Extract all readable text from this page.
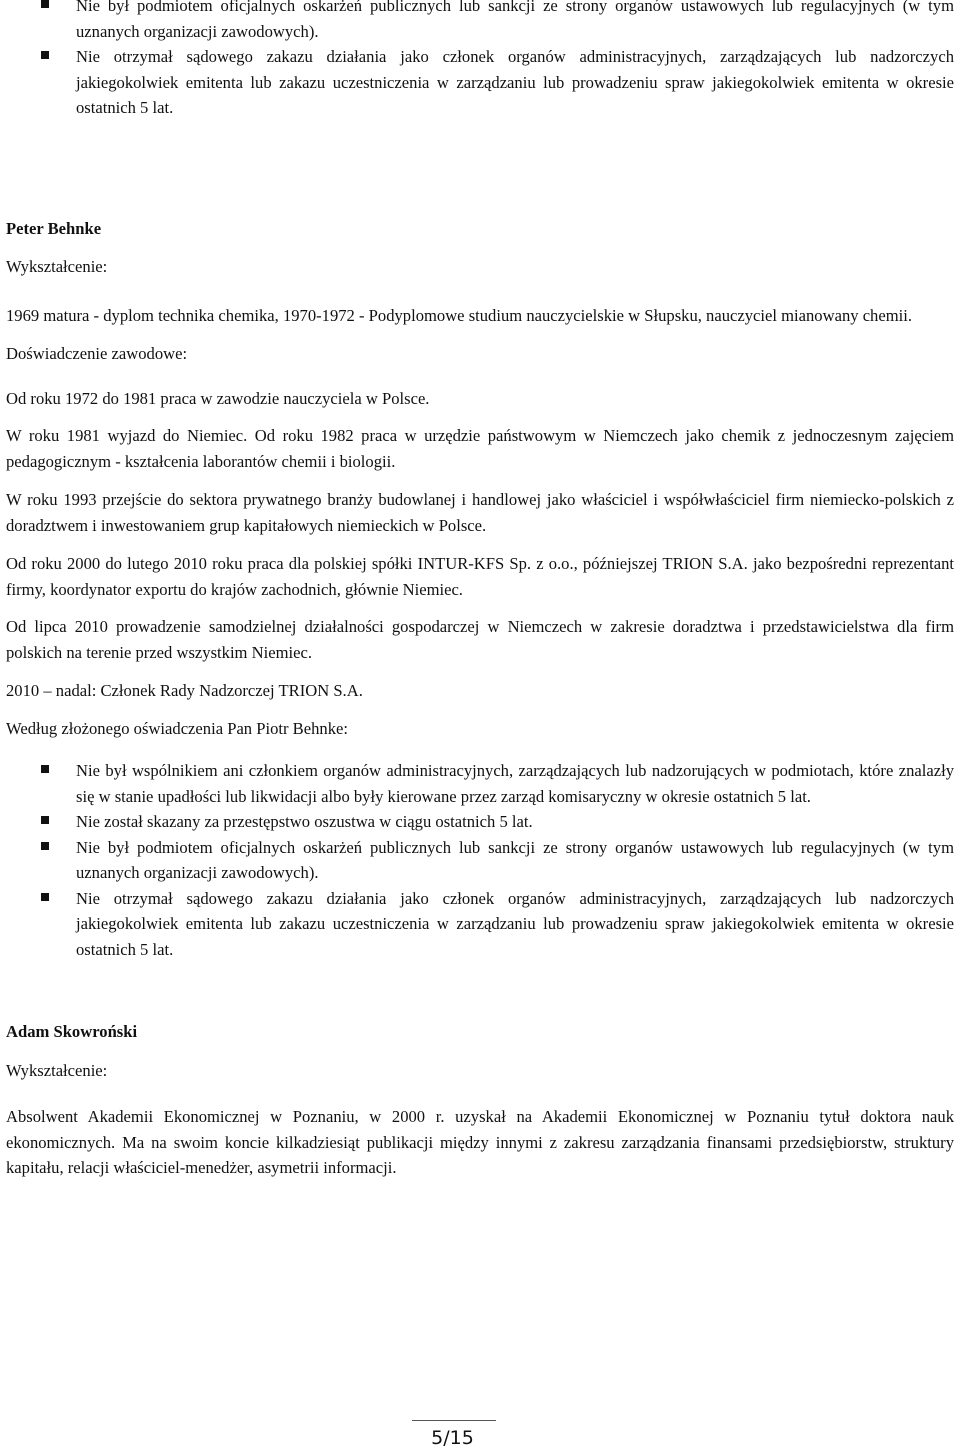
Nie był podmiotem oficjalnych oskarżeń publicznych lub sankcji ze strony organów ustawowych lub regulacyjnych (w tym uznanych organizacji zawodowych).
Nie otrzymał sądowego zakazu działania jako członek organów administracyjnych, zarządzających lub nadzorczych jakiegokolwiek emitenta lub zakazu uczestniczenia w zarządzaniu lub prowadzeniu spraw jakiegokolwiek emitenta w okresie ostatnich 5 lat.

Peter Behnke

Wykształcenie:

1969 matura - dyplom technika chemika, 1970-1972 - Podyplomowe studium nauczycielskie w Słupsku, nauczyciel mianowany chemii.

Doświadczenie zawodowe:

Od roku 1972 do 1981 praca w zawodzie nauczyciela w Polsce.

W roku 1981 wyjazd do Niemiec. Od roku 1982 praca w urzędzie państwowym w Niemczech jako chemik z jednoczesnym zajęciem pedagogicznym - kształcenia laborantów chemii i biologii.

W roku 1993 przejście do sektora prywatnego branży budowlanej i handlowej jako właściciel i współwłaściciel firm niemiecko-polskich z doradztwem i inwestowaniem grup kapitałowych niemieckich w Polsce.

Od roku 2000 do lutego 2010 roku praca dla polskiej spółki INTUR-KFS Sp. z o.o., późniejszej TRION S.A. jako bezpośredni reprezentant firmy, koordynator exportu do krajów zachodnich, głównie Niemiec.

Od lipca 2010 prowadzenie samodzielnej działalności gospodarczej w Niemczech w zakresie doradztwa i przedstawicielstwa dla firm polskich na terenie przed wszystkim Niemiec.

2010 – nadal: Członek Rady Nadzorczej TRION S.A.

Według złożonego oświadczenia Pan Piotr Behnke:

Nie był wspólnikiem ani członkiem organów administracyjnych, zarządzających lub nadzorujących w podmiotach, które znalazły się w stanie upadłości lub likwidacji albo były kierowane przez zarząd komisaryczny w okresie ostatnich 5 lat.
Nie został skazany za przestępstwo oszustwa w ciągu ostatnich 5 lat.
Nie był podmiotem oficjalnych oskarżeń publicznych lub sankcji ze strony organów ustawowych lub regulacyjnych (w tym uznanych organizacji zawodowych).
Nie otrzymał sądowego zakazu działania jako członek organów administracyjnych, zarządzających lub nadzorczych jakiegokolwiek emitenta lub zakazu uczestniczenia w zarządzaniu lub prowadzeniu spraw jakiegokolwiek emitenta w okresie ostatnich 5 lat.

Adam Skowroński

Wykształcenie:

Absolwent Akademii Ekonomicznej w Poznaniu, w 2000 r. uzyskał na Akademii Ekonomicznej w Poznaniu tytuł doktora nauk ekonomicznych. Ma na swoim koncie kilkadziesiąt publikacji między innymi z zakresu zarządzania finansami przedsiębiorstw, struktury kapitału, relacji właściciel-menedżer, asymetrii informacji.

5/15
